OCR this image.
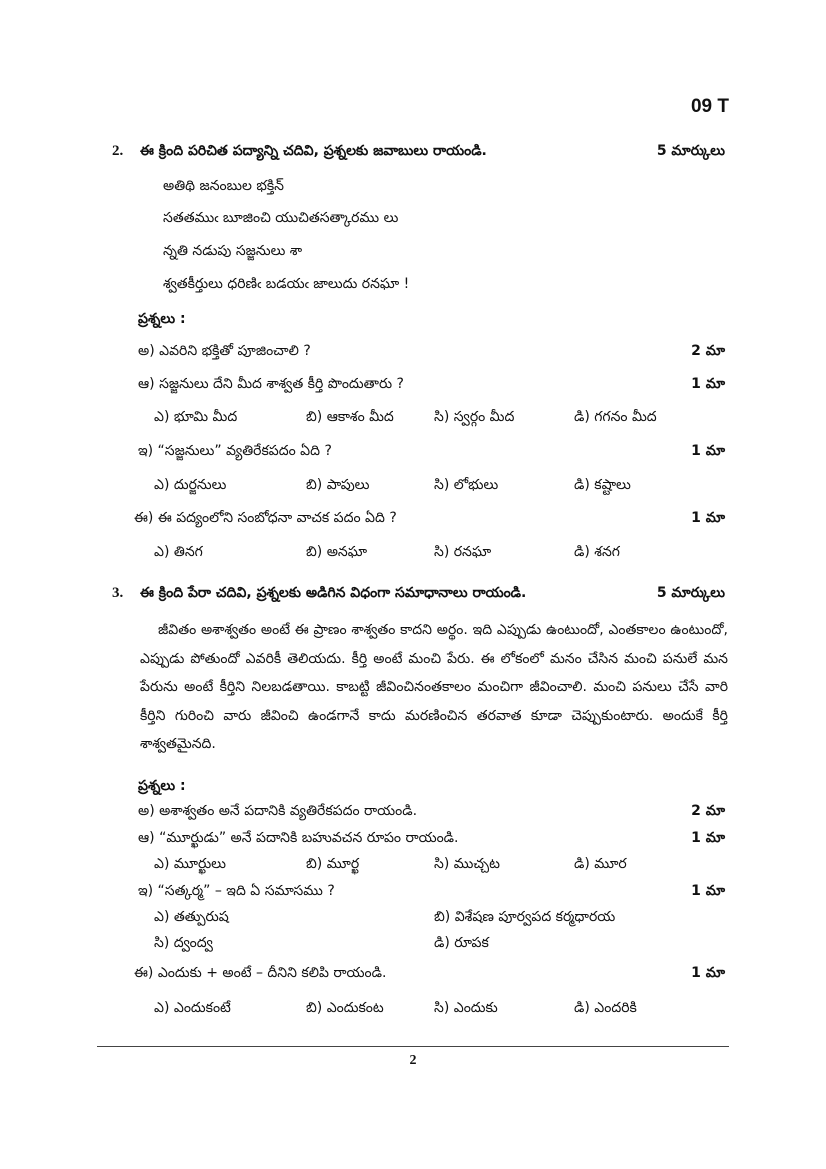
09 T
2. ఈ క్రింది పరిచిత పద్యాన్ని చదివి, ప్రశ్నలకు జవాబులు రాయండి.	5 మార్కులు
అతిథి జనంబుల భక్తిన్
సతతముఁ బూజించి యుచితసత్కారము లు
న్నతి నడుపు సజ్జనులు శా
శ్వతకీర్తులు ధరిణిఁ బడయఁ జాలుదు రనఘా !
ప్రశ్నలు :
అ) ఎవరిని భక్తితో పూజించాలి ?	2 మా
ఆ) సజ్జనులు దేని మీద శాశ్వత కీర్తి పొందుతారు ?	1 మా
ఎ) భూమి మీద	బి) ఆకాశం మీద	సి) స్వర్గం మీద	డి) గగనం మీద
ఇ) “సజ్జనులు” వ్యతిరేకపదం ఏది ?	1 మా
ఎ) దుర్జనులు	బి) పాపులు	సి) లోభులు	డి) కష్టాలు
ఈ) ఈ పద్యంలోని సంబోధనా వాచక పదం ఏది ?	1 మా
ఎ) తినగ	బి) అనఘా	సి) రనఘా	డి) శనగ
3. ఈ క్రింది పేరా చదివి, ప్రశ్నలకు అడిగిన విధంగా సమాధానాలు రాయండి.	5 మార్కులు
జీవితం అశాశ్వతం అంటే ఈ ప్రాణం శాశ్వతం కాదని అర్థం. ఇది ఎప్పుడు ఉంటుందో, ఎంతకాలం ఉంటుందో, ఎప్పుడు పోతుందో ఎవరికీ తెలియదు. కీర్తి అంటే మంచి పేరు. ఈ లోకంలో మనం చేసిన మంచి పనులే మన పేరును అంటే కీర్తిని నిలబడతాయి. కాబట్టి జీవించినంతకాలం మంచిగా జీవించాలి. మంచి పనులు చేసే వారి కీర్తిని గురించి వారు జీవించి ఉండగానే కాదు మరణించిన తరవాత కూడా చెప్పుకుంటారు. అందుకే కీర్తి శాశ్వతమైనది.
ప్రశ్నలు :
అ) అశాశ్వతం అనే పదానికి వ్యతిరేకపదం రాయండి.	2 మా
ఆ) “మూర్ఖుడు” అనే పదానికి బహువచన రూపం రాయండి.	1 మా
ఎ) మూర్ఖులు	బి) మూర్ఖ	సి) ముచ్చట	డి) మూర
ఇ) “సత్కర్మ” – ఇది ఏ సమాసము ?	1 మా
ఎ) తత్పురుష	బి) విశేషణ పూర్వపద కర్మధారయ
సి) ద్వంద్వ	డి) రూపక
ఈ) ఎందుకు + అంటే – దీనిని కలిపి రాయండి.	1 మా
ఎ) ఎందుకంటే	బి) ఎందుకంట	సి) ఎందుకు	డి) ఎందరికి
2
